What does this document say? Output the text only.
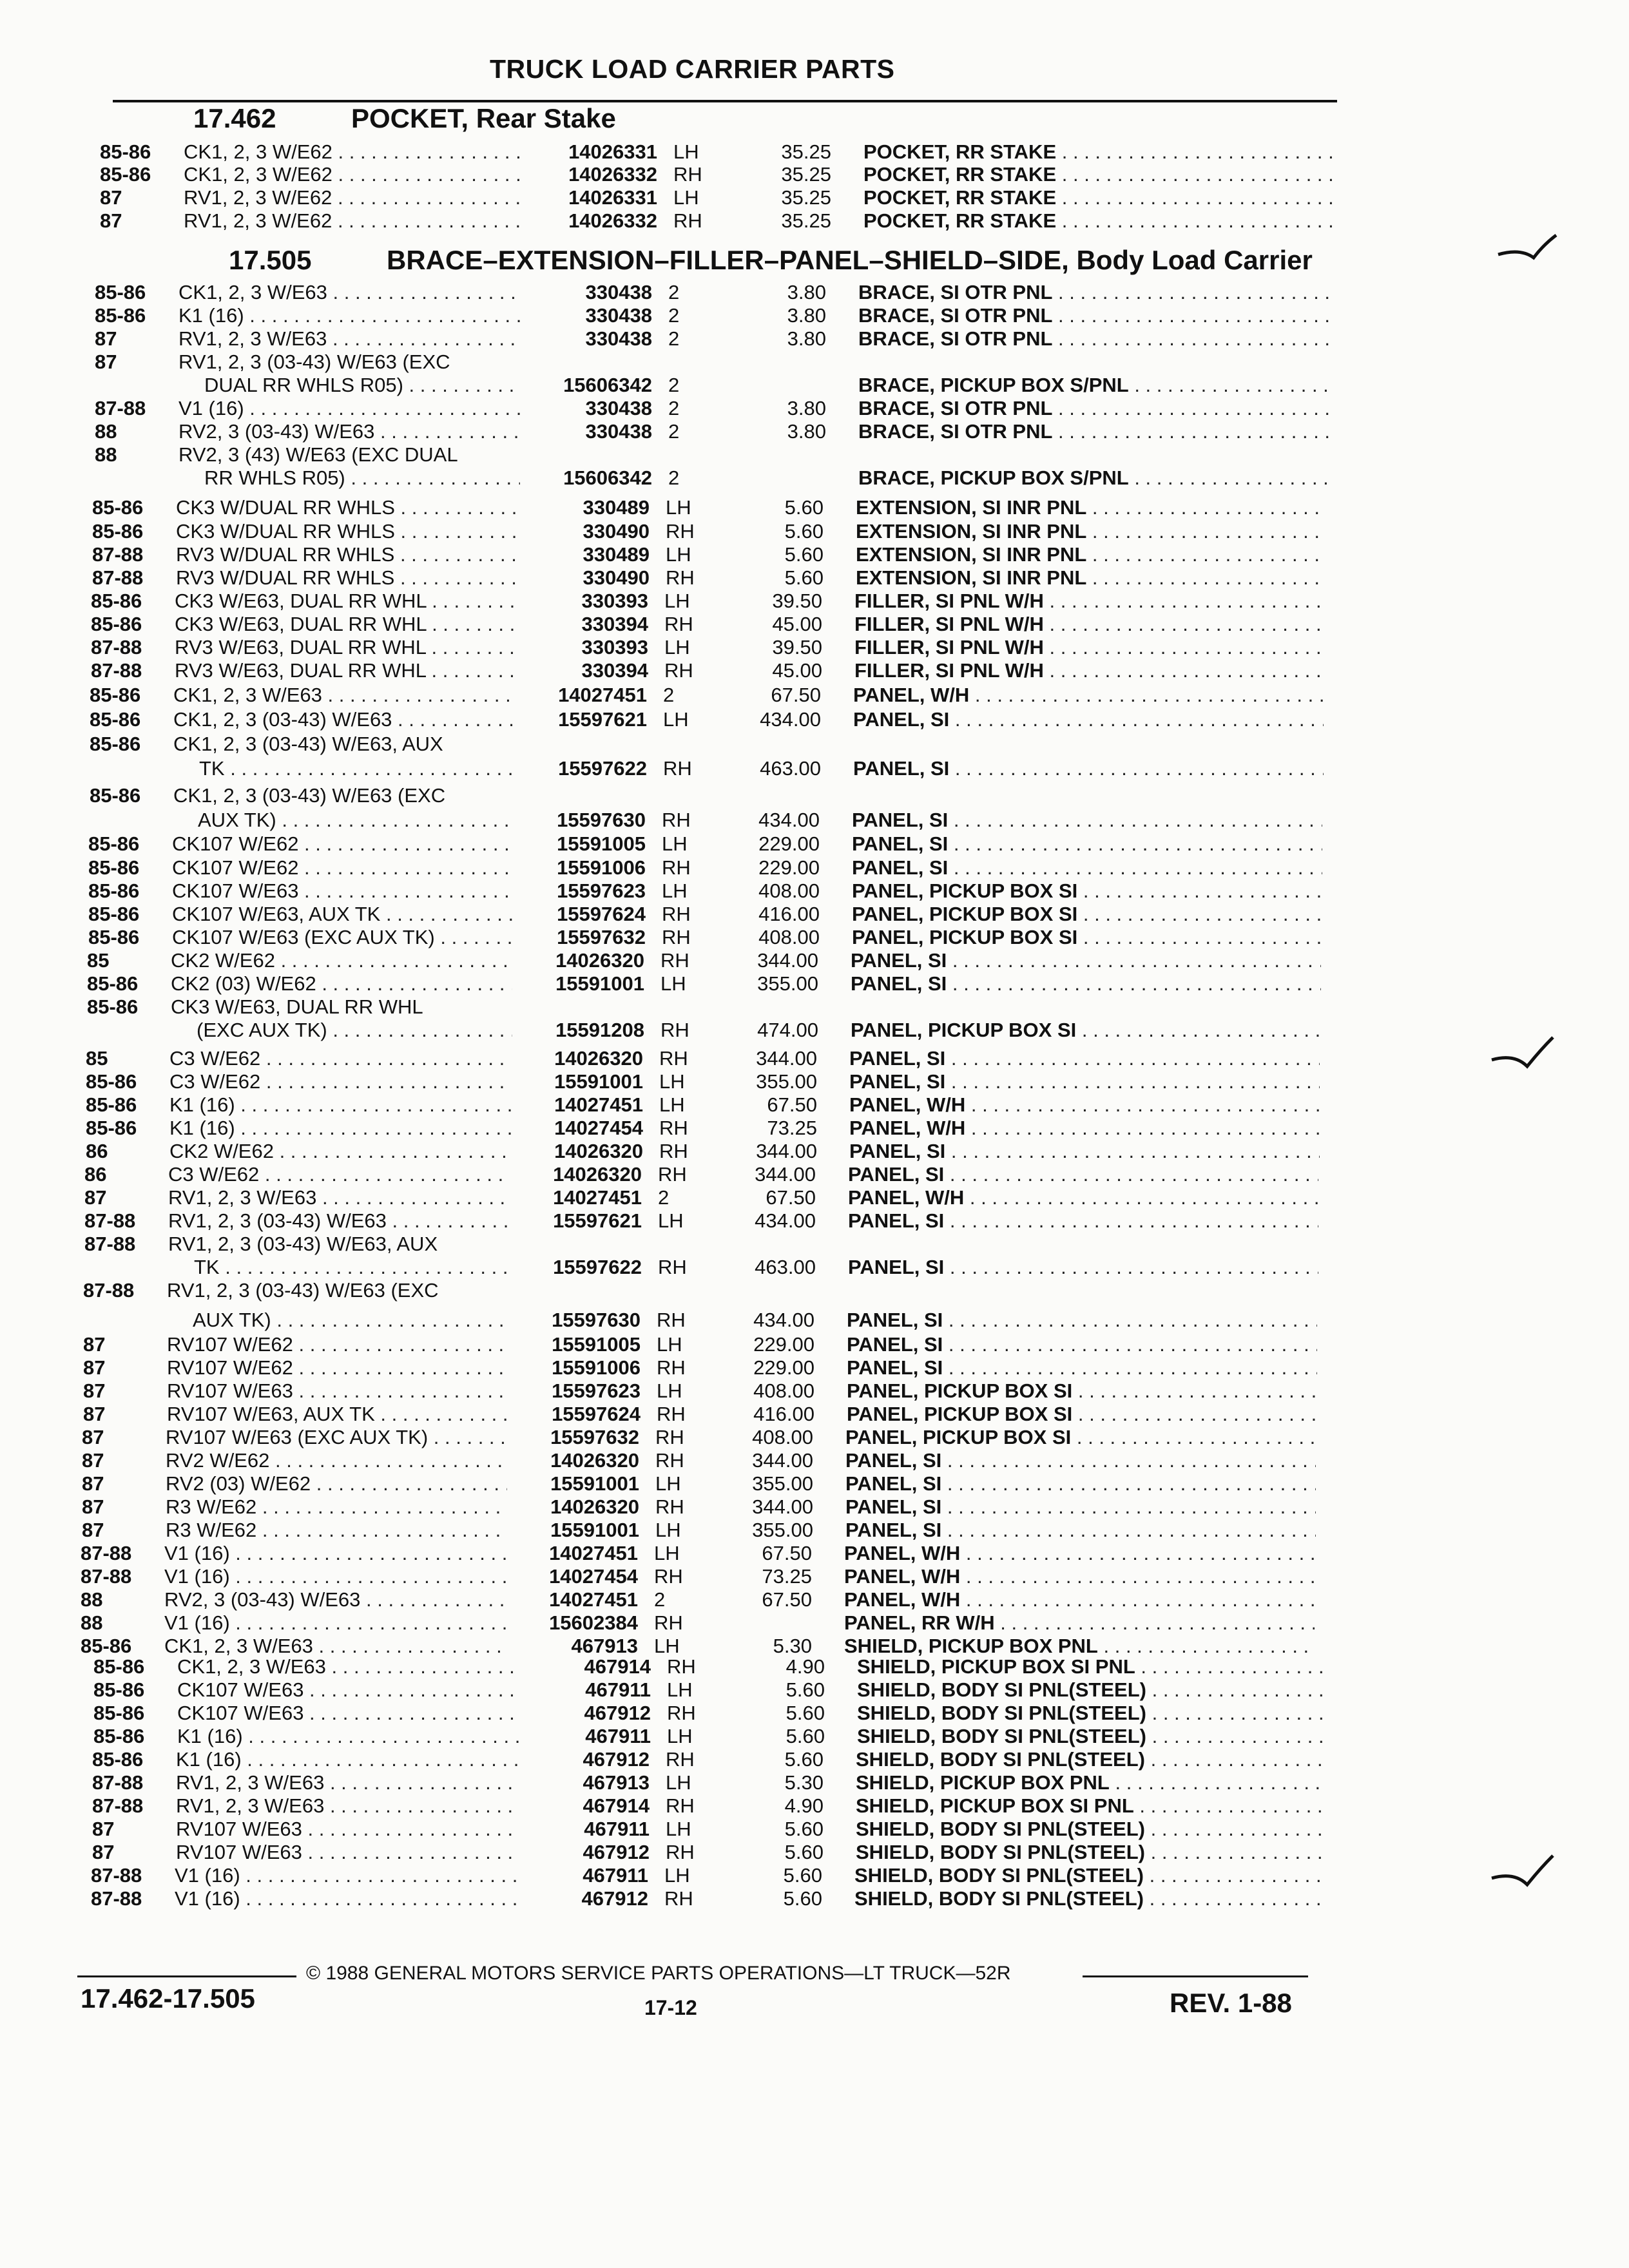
TRUCK LOAD CARRIER PARTS
17.462	POCKET, Rear Stake
17.505	BRACE–EXTENSION–FILLER–PANEL–SHIELD–SIDE, Body Load Carrier
85-86 CK1, 2, 3 W/E62 . . .	14026331 LH	35.25 POCKET, RR STAKE . . .
85-86 CK1, 2, 3 W/E62 . . .	14026332 RH	35.25 POCKET, RR STAKE . . .
87	RV1, 2, 3 W/E62 . . .	14026331 LH	35.25 POCKET, RR STAKE . . .
87	RV1, 2, 3 W/E62 . . .	14026332 RH	35.25 POCKET, RR STAKE . . .
85-86 CK1, 2, 3 W/E63 . . .	330438 2	3.80 BRACE, SI OTR PNL . . .
85-86 K1 (16) . . .	330438 2	3.80 BRACE, SI OTR PNL . . .
87	RV1, 2, 3 W/E63 . . .	330438 2	3.80 BRACE, SI OTR PNL . . .
87	RV1, 2, 3 (03-43) W/E63 (EXC
DUAL RR WHLS R05) . . .	15606342 2	BRACE, PICKUP BOX S/PNL . . .
87-88 V1 (16) . . .	330438 2	3.80 BRACE, SI OTR PNL . . .
88	RV2, 3 (03-43) W/E63 . . .	330438 2	3.80 BRACE, SI OTR PNL . . .
88	RV2, 3 (43) W/E63 (EXC DUAL
RR WHLS R05) . . .	15606342 2	BRACE, PICKUP BOX S/PNL . . .
85-86 CK3 W/DUAL RR WHLS . . .	330489 LH	5.60 EXTENSION, SI INR PNL . . .
85-86 CK3 W/DUAL RR WHLS . . .	330490 RH	5.60 EXTENSION, SI INR PNL . . .
87-88 RV3 W/DUAL RR WHLS . . .	330489 LH	5.60 EXTENSION, SI INR PNL . . .
87-88 RV3 W/DUAL RR WHLS . . .	330490 RH	5.60 EXTENSION, SI INR PNL . . .
85-86 CK3 W/E63, DUAL RR WHL . . .	330393 LH	39.50 FILLER, SI PNL W/H . . .
85-86 CK3 W/E63, DUAL RR WHL . . .	330394 RH	45.00 FILLER, SI PNL W/H . . .
87-88 RV3 W/E63, DUAL RR WHL . . .	330393 LH	39.50 FILLER, SI PNL W/H . . .
87-88 RV3 W/E63, DUAL RR WHL . . .	330394 RH	45.00 FILLER, SI PNL W/H . . .
85-86 CK1, 2, 3 W/E63 . . .	14027451 2	67.50 PANEL, W/H . . .
85-86 CK1, 2, 3 (03-43) W/E63 . . .	15597621 LH	434.00 PANEL, SI . . .
85-86 CK1, 2, 3 (03-43) W/E63, AUX
TK . . .	15597622 RH	463.00 PANEL, SI . . .
85-86 CK1, 2, 3 (03-43) W/E63 (EXC
AUX TK) . . .	15597630 RH	434.00 PANEL, SI . . .
85-86 CK107 W/E62 . . .	15591005 LH	229.00 PANEL, SI . . .
85-86 CK107 W/E62 . . .	15591006 RH	229.00 PANEL, SI . . .
85-86 CK107 W/E63 . . .	15597623 LH	408.00 PANEL, PICKUP BOX SI . . .
85-86 CK107 W/E63, AUX TK . . .	15597624 RH	416.00 PANEL, PICKUP BOX SI . . .
85-86 CK107 W/E63 (EXC AUX TK) . . .	15597632 RH	408.00 PANEL, PICKUP BOX SI . . .
85	CK2 W/E62 . . .	14026320 RH	344.00 PANEL, SI . . .
85-86 CK2 (03) W/E62 . . .	15591001 LH	355.00 PANEL, SI . . .
85-86 CK3 W/E63, DUAL RR WHL
(EXC AUX TK) . . .	15591208 RH	474.00 PANEL, PICKUP BOX SI . . .
85	C3 W/E62 . . .	14026320 RH	344.00 PANEL, SI . . .
85-86 C3 W/E62 . . .	15591001 LH	355.00 PANEL, SI . . .
85-86 K1 (16) . . .	14027451 LH	67.50 PANEL, W/H . . .
85-86 K1 (16) . . .	14027454 RH	73.25 PANEL, W/H . . .
86	CK2 W/E62 . . .	14026320 RH	344.00 PANEL, SI . . .
86	C3 W/E62 . . .	14026320 RH	344.00 PANEL, SI . . .
87	RV1, 2, 3 W/E63 . . .	14027451 2	67.50 PANEL, W/H . . .
87-88 RV1, 2, 3 (03-43) W/E63 . . .	15597621 LH	434.00 PANEL, SI . . .
87-88 RV1, 2, 3 (03-43) W/E63, AUX
TK . . .	15597622 RH	463.00 PANEL, SI . . .
87-88 RV1, 2, 3 (03-43) W/E63 (EXC
AUX TK) . . .	15597630 RH	434.00 PANEL, SI . . .
87	RV107 W/E62 . . .	15591005 LH	229.00 PANEL, SI . . .
87	RV107 W/E62 . . .	15591006 RH	229.00 PANEL, SI . . .
87	RV107 W/E63 . . .	15597623 LH	408.00 PANEL, PICKUP BOX SI . . .
87	RV107 W/E63, AUX TK . . .	15597624 RH	416.00 PANEL, PICKUP BOX SI . . .
87	RV107 W/E63 (EXC AUX TK) . . .	15597632 RH	408.00 PANEL, PICKUP BOX SI . . .
87	RV2 W/E62 . . .	14026320 RH	344.00 PANEL, SI . . .
87	RV2 (03) W/E62 . . .	15591001 LH	355.00 PANEL, SI . . .
87	R3 W/E62 . . .	14026320 RH	344.00 PANEL, SI . . .
87	R3 W/E62 . . .	15591001 LH	355.00 PANEL, SI . . .
87-88 V1 (16) . . .	14027451 LH	67.50 PANEL, W/H . . .
87-88 V1 (16) . . .	14027454 RH	73.25 PANEL, W/H . . .
88	RV2, 3 (03-43) W/E63 . . .	14027451 2	67.50 PANEL, W/H . . .
88	V1 (16) . . .	15602384 RH	PANEL, RR W/H . . .
85-86 CK1, 2, 3 W/E63 . . .	467913 LH	5.30 SHIELD, PICKUP BOX PNL . . .
85-86 CK1, 2, 3 W/E63 . . .	467914 RH	4.90 SHIELD, PICKUP BOX SI PNL . . .
85-86 CK107 W/E63 . . .	467911 LH	5.60 SHIELD, BODY SI PNL(STEEL) . . .
85-86 CK107 W/E63 . . .	467912 RH	5.60 SHIELD, BODY SI PNL(STEEL) . . .
85-86 K1 (16) . . .	467911 LH	5.60 SHIELD, BODY SI PNL(STEEL) . . .
85-86 K1 (16) . . .	467912 RH	5.60 SHIELD, BODY SI PNL(STEEL) . . .
87-88 RV1, 2, 3 W/E63 . . .	467913 LH	5.30 SHIELD, PICKUP BOX PNL . . .
87-88 RV1, 2, 3 W/E63 . . .	467914 RH	4.90 SHIELD, PICKUP BOX SI PNL . . .
87	RV107 W/E63 . . .	467911 LH	5.60 SHIELD, BODY SI PNL(STEEL) . . .
87	RV107 W/E63 . . .	467912 RH	5.60 SHIELD, BODY SI PNL(STEEL) . . .
87-88 V1 (16) . . .	467911 LH	5.60 SHIELD, BODY SI PNL(STEEL) . . .
87-88 V1 (16) . . .	467912 RH	5.60 SHIELD, BODY SI PNL(STEEL) . . .
© 1988 GENERAL MOTORS SERVICE PARTS OPERATIONS—LT TRUCK—52R
17.462-17.505	17-12	REV. 1-88
